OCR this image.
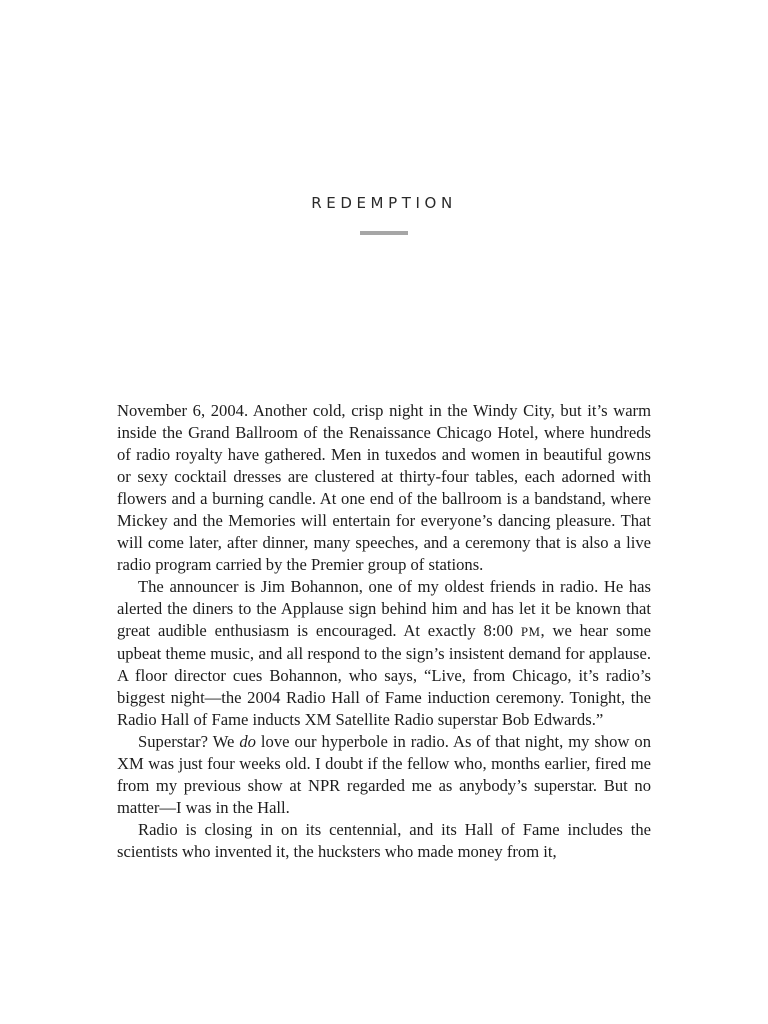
REDEMPTION

November 6, 2004. Another cold, crisp night in the Windy City, but it’s warm inside the Grand Ballroom of the Renaissance Chicago Hotel, where hundreds of radio royalty have gathered. Men in tuxedos and women in beautiful gowns or sexy cocktail dresses are clustered at thirty-four tables, each adorned with flowers and a burning candle. At one end of the ballroom is a bandstand, where Mickey and the Memories will entertain for everyone’s dancing pleasure. That will come later, after dinner, many speeches, and a ceremony that is also a live radio program carried by the Premier group of stations.

The announcer is Jim Bohannon, one of my oldest friends in radio. He has alerted the diners to the Applause sign behind him and has let it be known that great audible enthusiasm is encouraged. At exactly 8:00 PM, we hear some upbeat theme music, and all respond to the sign’s insistent demand for applause. A floor director cues Bohannon, who says, “Live, from Chicago, it’s radio’s biggest night—the 2004 Radio Hall of Fame induction ceremony. Tonight, the Radio Hall of Fame inducts XM Satellite Radio superstar Bob Edwards.”

Superstar? We do love our hyperbole in radio. As of that night, my show on XM was just four weeks old. I doubt if the fellow who, months earlier, fired me from my previous show at NPR regarded me as anybody’s superstar. But no matter—I was in the Hall.

Radio is closing in on its centennial, and its Hall of Fame includes the scientists who invented it, the hucksters who made money from it,
